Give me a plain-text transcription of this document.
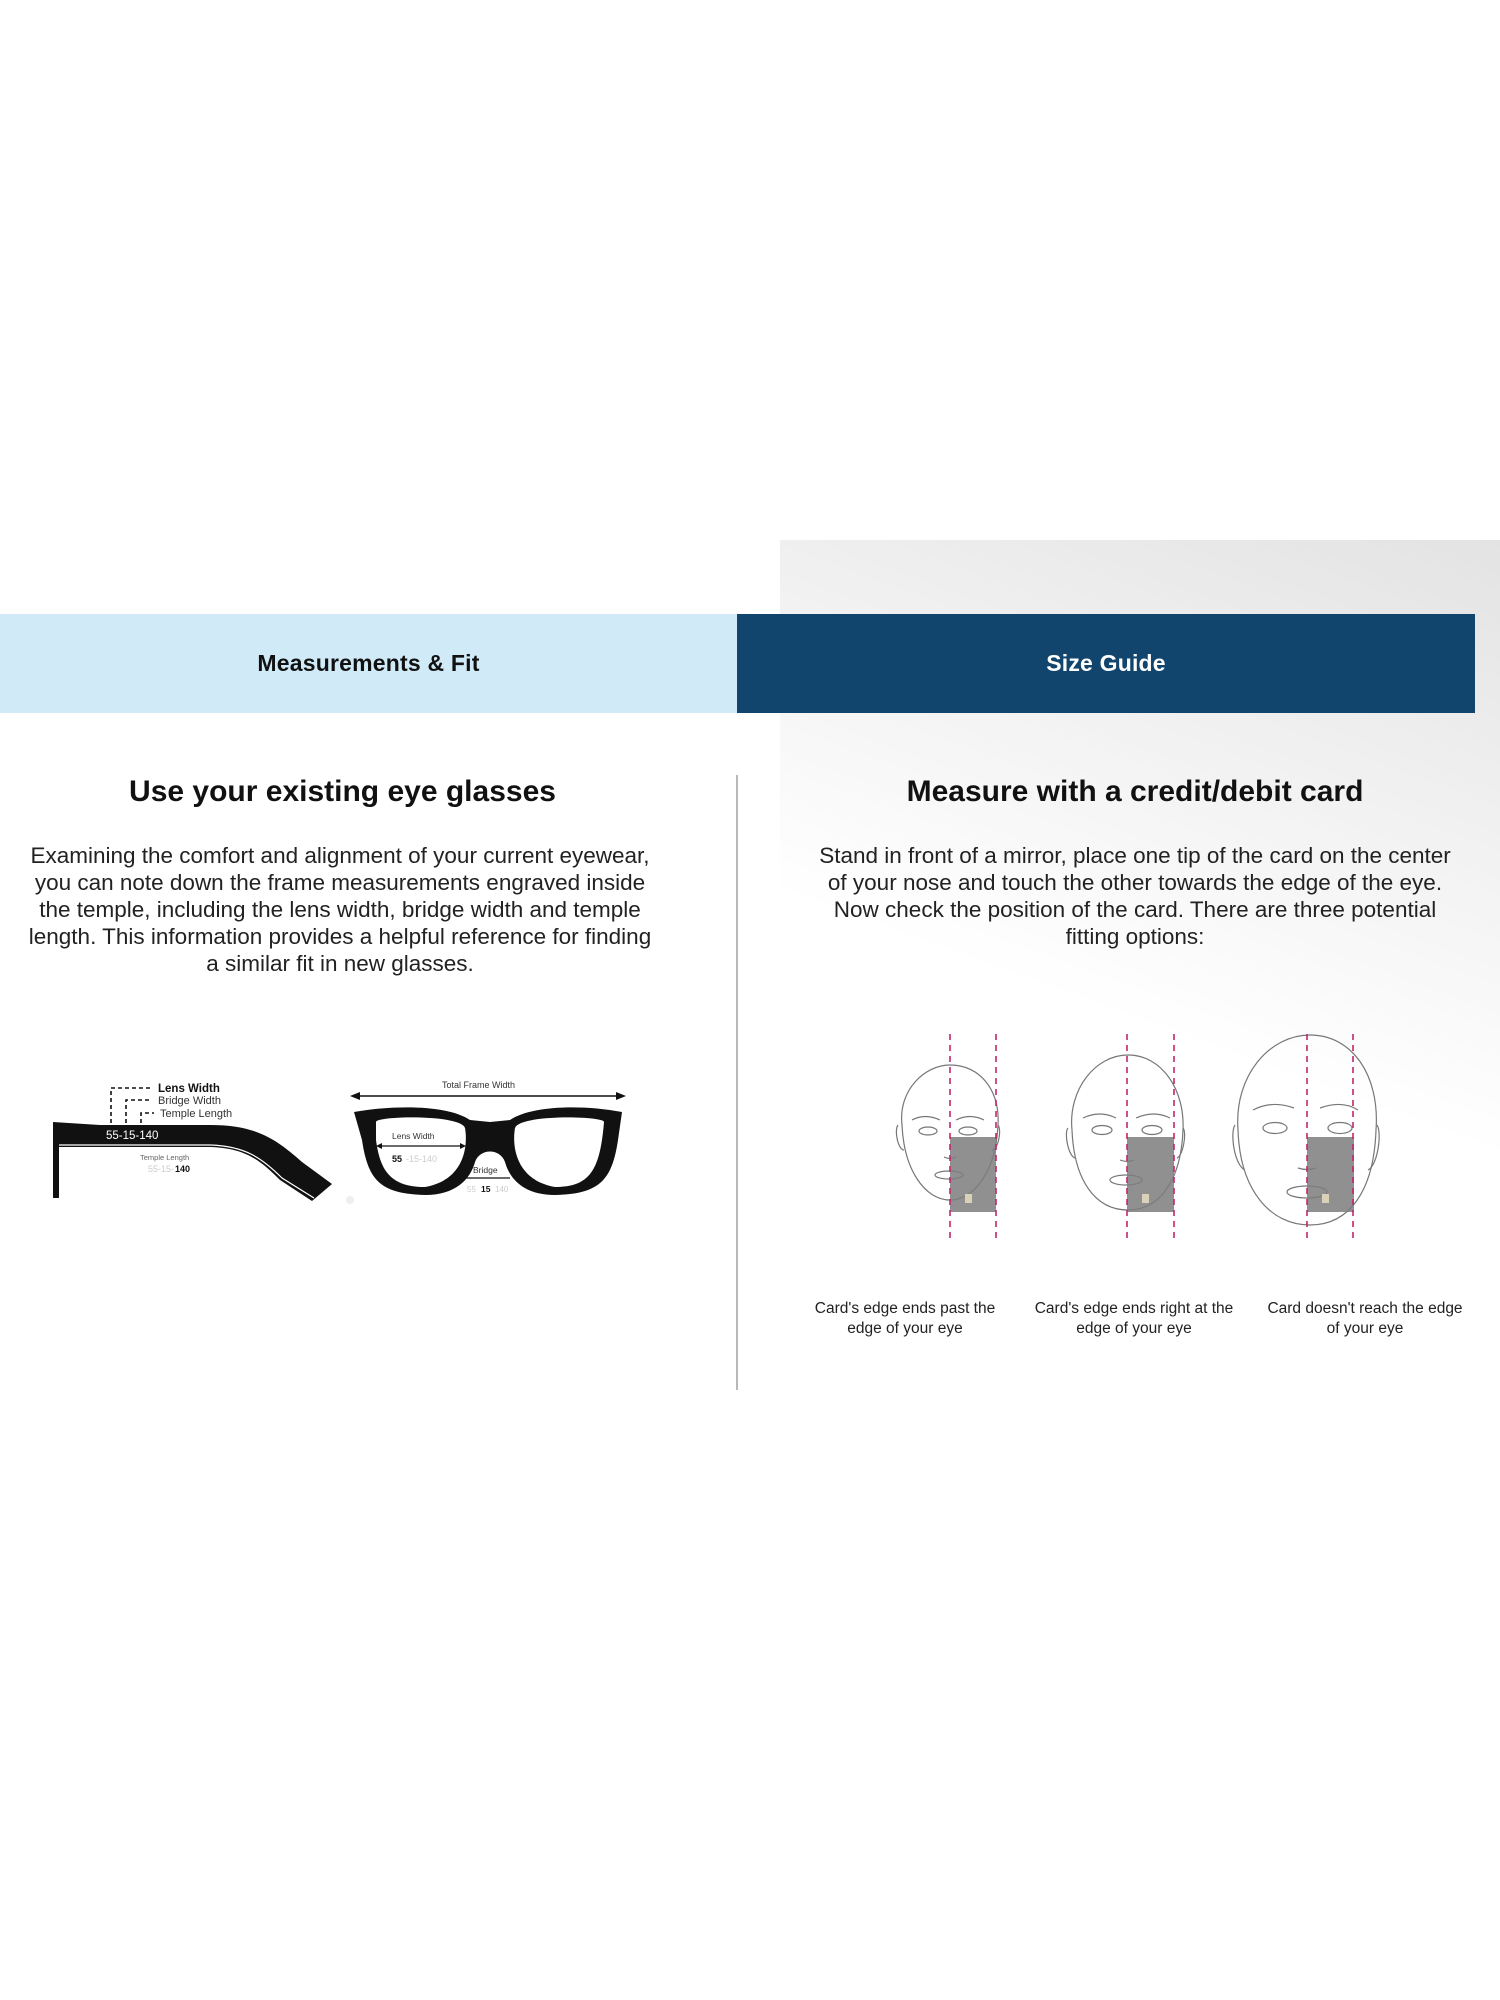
Measurements & Fit	Size Guide
Use your existing eye glasses
Examining the comfort and alignment of your current eyewear, you can note down the frame measurements engraved inside the temple, including the lens width, bridge width and temple length. This information provides a helpful reference for finding a similar fit in new glasses.
Lens Width
Bridge Width
Temple Length
55-15-140
Temple Length
55-15- 140
Total Frame Width
Lens Width
55 -15-140
Bridge
55 15 140
Measure with a credit/debit card
Stand in front of a mirror, place one tip of the card on the center of your nose and touch the other towards the edge of the eye. Now check the position of the card. There are three potential fitting options:
Card's edge ends past the edge of your eye
Card's edge ends right at the edge of your eye
Card doesn't reach the edge of your eye
